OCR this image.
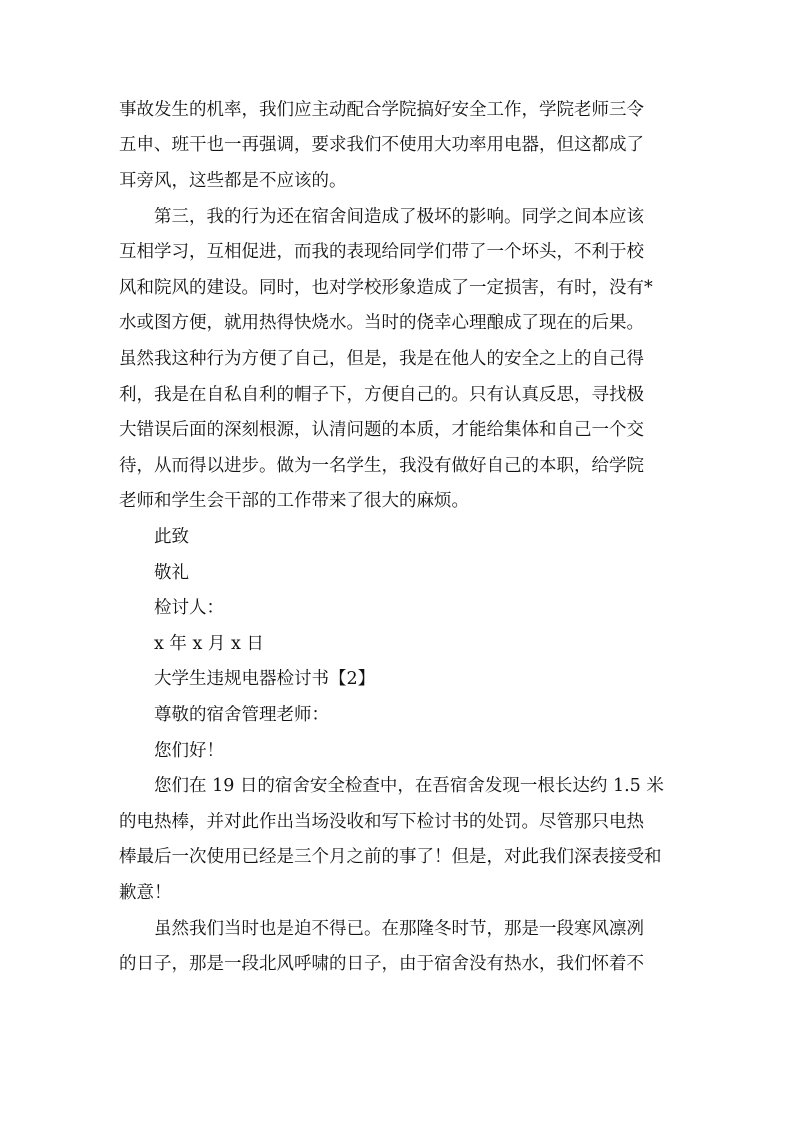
事故发生的机率，我们应主动配合学院搞好安全工作，学院老师三令
五申、班干也一再强调，要求我们不使用大功率用电器，但这都成了
耳旁风，这些都是不应该的。
第三，我的行为还在宿舍间造成了极坏的影响。同学之间本应该
互相学习，互相促进，而我的表现给同学们带了一个坏头，不利于校
风和院风的建设。同时，也对学校形象造成了一定损害，有时，没有*
水或图方便，就用热得快烧水。当时的侥幸心理酿成了现在的后果。
虽然我这种行为方便了自己，但是，我是在他人的安全之上的自己得
利，我是在自私自利的帽子下，方便自己的。只有认真反思，寻找极
大错误后面的深刻根源，认清问题的本质，才能给集体和自己一个交
待，从而得以进步。做为一名学生，我没有做好自己的本职，给学院
老师和学生会干部的工作带来了很大的麻烦。
此致
敬礼
检讨人：
x 年 x 月 x 日
大学生违规电器检讨书【2】
尊敬的宿舍管理老师：
您们好！
您们在 19 日的宿舍安全检查中，在吾宿舍发现一根长达约 1.5 米
的电热棒，并对此作出当场没收和写下检讨书的处罚。尽管那只电热
棒最后一次使用已经是三个月之前的事了！但是，对此我们深表接受和
歉意！
虽然我们当时也是迫不得已。在那隆冬时节，那是一段寒风凛冽
的日子，那是一段北风呼啸的日子，由于宿舍没有热水，我们怀着不
